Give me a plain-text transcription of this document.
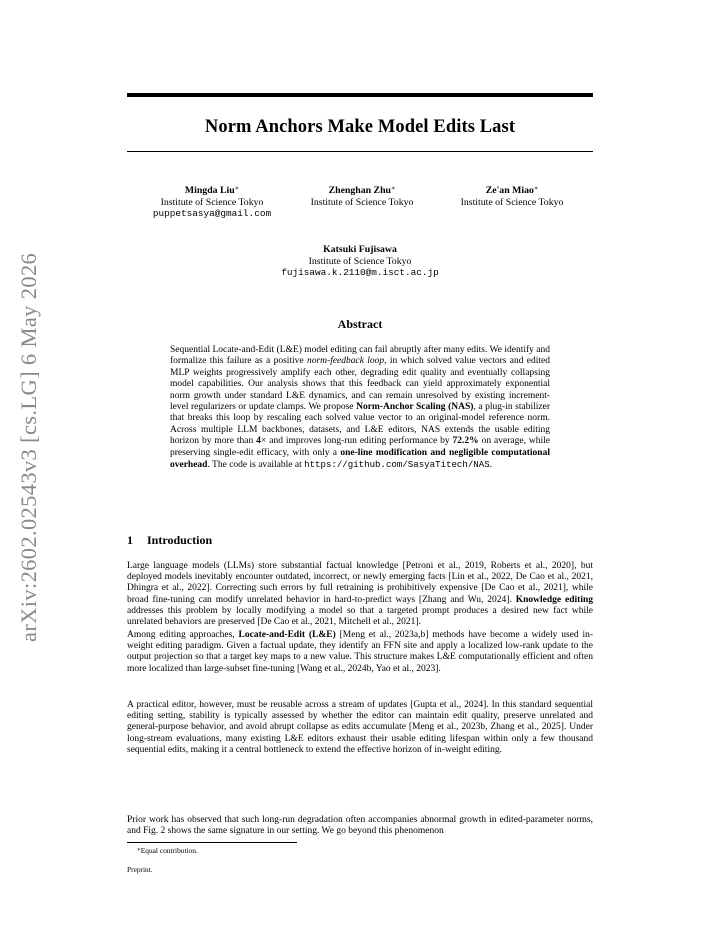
arXiv:2602.02543v3 [cs.LG] 6 May 2026
Norm Anchors Make Model Edits Last
Mingda Liu∗
Institute of Science Tokyo
puppetsasya@gmail.com
Zhenghan Zhu∗
Institute of Science Tokyo
Ze'an Miao∗
Institute of Science Tokyo
Katsuki Fujisawa
Institute of Science Tokyo
fujisawa.k.2110@m.isct.ac.jp
Abstract
Sequential Locate-and-Edit (L&E) model editing can fail abruptly after many edits. We identify and formalize this failure as a positive norm-feedback loop, in which solved value vectors and edited MLP weights progressively amplify each other, degrading edit quality and eventually collapsing model capabilities. Our analysis shows that this feedback can yield approximately exponential norm growth under standard L&E dynamics, and can remain unresolved by existing increment-level regularizers or update clamps. We propose Norm-Anchor Scaling (NAS), a plug-in stabilizer that breaks this loop by rescaling each solved value vector to an original-model reference norm. Across multiple LLM backbones, datasets, and L&E editors, NAS extends the usable editing horizon by more than 4× and improves long-run editing performance by 72.2% on average, while preserving single-edit efficacy, with only a one-line modification and negligible computational overhead. The code is available at https://github.com/SasyaTitech/NAS.
1 Introduction
Large language models (LLMs) store substantial factual knowledge [Petroni et al., 2019, Roberts et al., 2020], but deployed models inevitably encounter outdated, incorrect, or newly emerging facts [Lin et al., 2022, De Cao et al., 2021, Dhingra et al., 2022]. Correcting such errors by full retraining is prohibitively expensive [De Cao et al., 2021], while broad fine-tuning can modify unrelated behavior in hard-to-predict ways [Zhang and Wu, 2024]. Knowledge editing addresses this problem by locally modifying a model so that a targeted prompt produces a desired new fact while unrelated behaviors are preserved [De Cao et al., 2021, Mitchell et al., 2021].
Among editing approaches, Locate-and-Edit (L&E) [Meng et al., 2023a,b] methods have become a widely used in-weight editing paradigm. Given a factual update, they identify an FFN site and apply a localized low-rank update to the output projection so that a target key maps to a new value. This structure makes L&E computationally efficient and often more localized than large-subset fine-tuning [Wang et al., 2024b, Yao et al., 2023].
A practical editor, however, must be reusable across a stream of updates [Gupta et al., 2024]. In this standard sequential editing setting, stability is typically assessed by whether the editor can maintain edit quality, preserve unrelated and general-purpose behavior, and avoid abrupt collapse as edits accumulate [Meng et al., 2023b, Zhang et al., 2025]. Under long-stream evaluations, many existing L&E editors exhaust their usable editing lifespan within only a few thousand sequential edits, making it a central bottleneck to extend the effective horizon of in-weight editing.
Prior work has observed that such long-run degradation often accompanies abnormal growth in edited-parameter norms, and Fig. 2 shows the same signature in our setting. We go beyond this phenomenon
∗Equal contribution.
Preprint.
